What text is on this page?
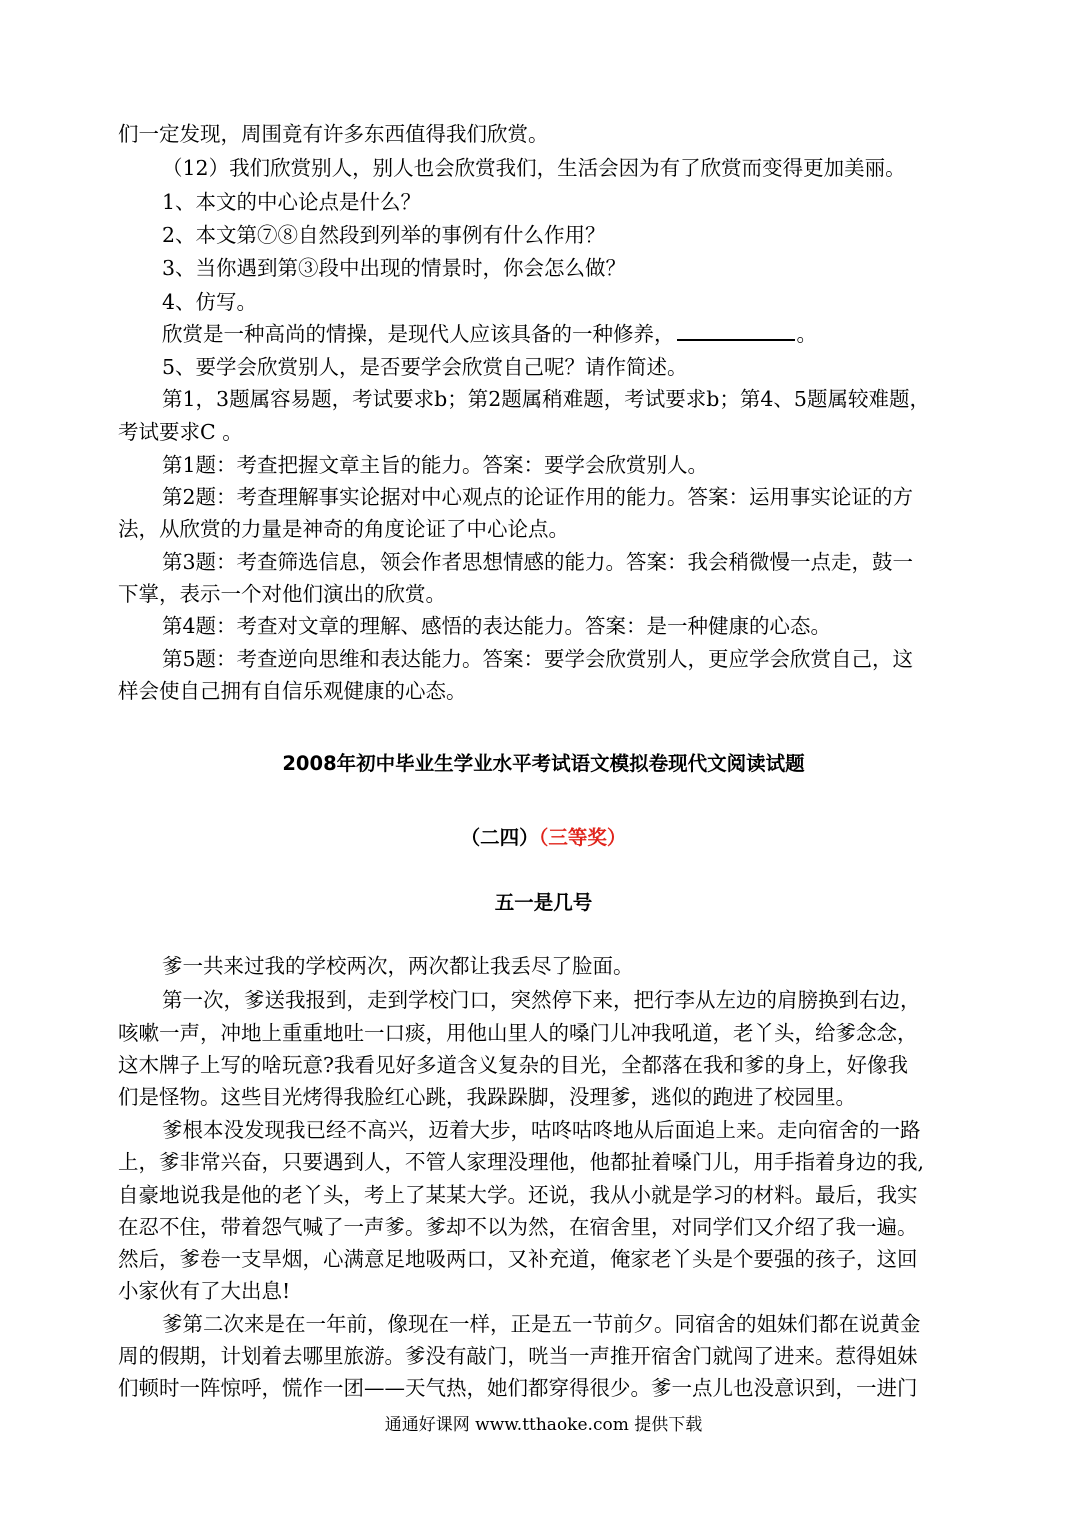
们一定发现，周围竟有许多东西值得我们欣赏。
（12）我们欣赏别人，别人也会欣赏我们，生活会因为有了欣赏而变得更加美丽。
1、本文的中心论点是什么？
2、本文第⑦⑧自然段到列举的事例有什么作用？
3、当你遇到第③段中出现的情景时，你会怎么做？
4、仿写。
欣赏是一种高尚的情操，是现代人应该具备的一种修养，	。
5、要学会欣赏别人，是否要学会欣赏自己呢？请作简述。
第1，3题属容易题，考试要求b；第2题属稍难题，考试要求b；第4、5题属较难题，
考试要求C 。
第1题：考查把握文章主旨的能力。答案：要学会欣赏别人。
第2题：考查理解事实论据对中心观点的论证作用的能力。答案：运用事实论证的方
法，从欣赏的力量是神奇的角度论证了中心论点。
第3题：考查筛选信息，领会作者思想情感的能力。答案：我会稍微慢一点走，鼓一
下掌，表示一个对他们演出的欣赏。
第4题：考查对文章的理解、感悟的表达能力。答案：是一种健康的心态。
第5题：考查逆向思维和表达能力。答案：要学会欣赏别人，更应学会欣赏自己，这
样会使自己拥有自信乐观健康的心态。
2008年初中毕业生学业水平考试语文模拟卷现代文阅读试题
（二四）（三等奖）
五一是几号
爹一共来过我的学校两次，两次都让我丢尽了脸面。
第一次，爹送我报到，走到学校门口，突然停下来，把行李从左边的肩膀换到右边，
咳嗽一声，冲地上重重地吐一口痰，用他山里人的嗓门儿冲我吼道，老丫头，给爹念念，
这木牌子上写的啥玩意?我看见好多道含义复杂的目光，全都落在我和爹的身上，好像我
们是怪物。这些目光烤得我脸红心跳，我跺跺脚，没理爹，逃似的跑进了校园里。
爹根本没发现我已经不高兴，迈着大步，咕咚咕咚地从后面追上来。走向宿舍的一路
上，爹非常兴奋，只要遇到人，不管人家理没理他，他都扯着嗓门儿，用手指着身边的我,
自豪地说我是他的老丫头，考上了某某大学。还说，我从小就是学习的材料。最后，我实
在忍不住，带着怨气喊了一声爹。爹却不以为然，在宿舍里，对同学们又介绍了我一遍。
然后，爹卷一支旱烟，心满意足地吸两口，又补充道，俺家老丫头是个要强的孩子，这回
小家伙有了大出息!
爹第二次来是在一年前，像现在一样，正是五一节前夕。同宿舍的姐妹们都在说黄金
周的假期，计划着去哪里旅游。爹没有敲门，咣当一声推开宿舍门就闯了进来。惹得姐妹
们顿时一阵惊呼，慌作一团——天气热，她们都穿得很少。爹一点儿也没意识到，一进门
通通好课网 www.tthaoke.com 提供下载
